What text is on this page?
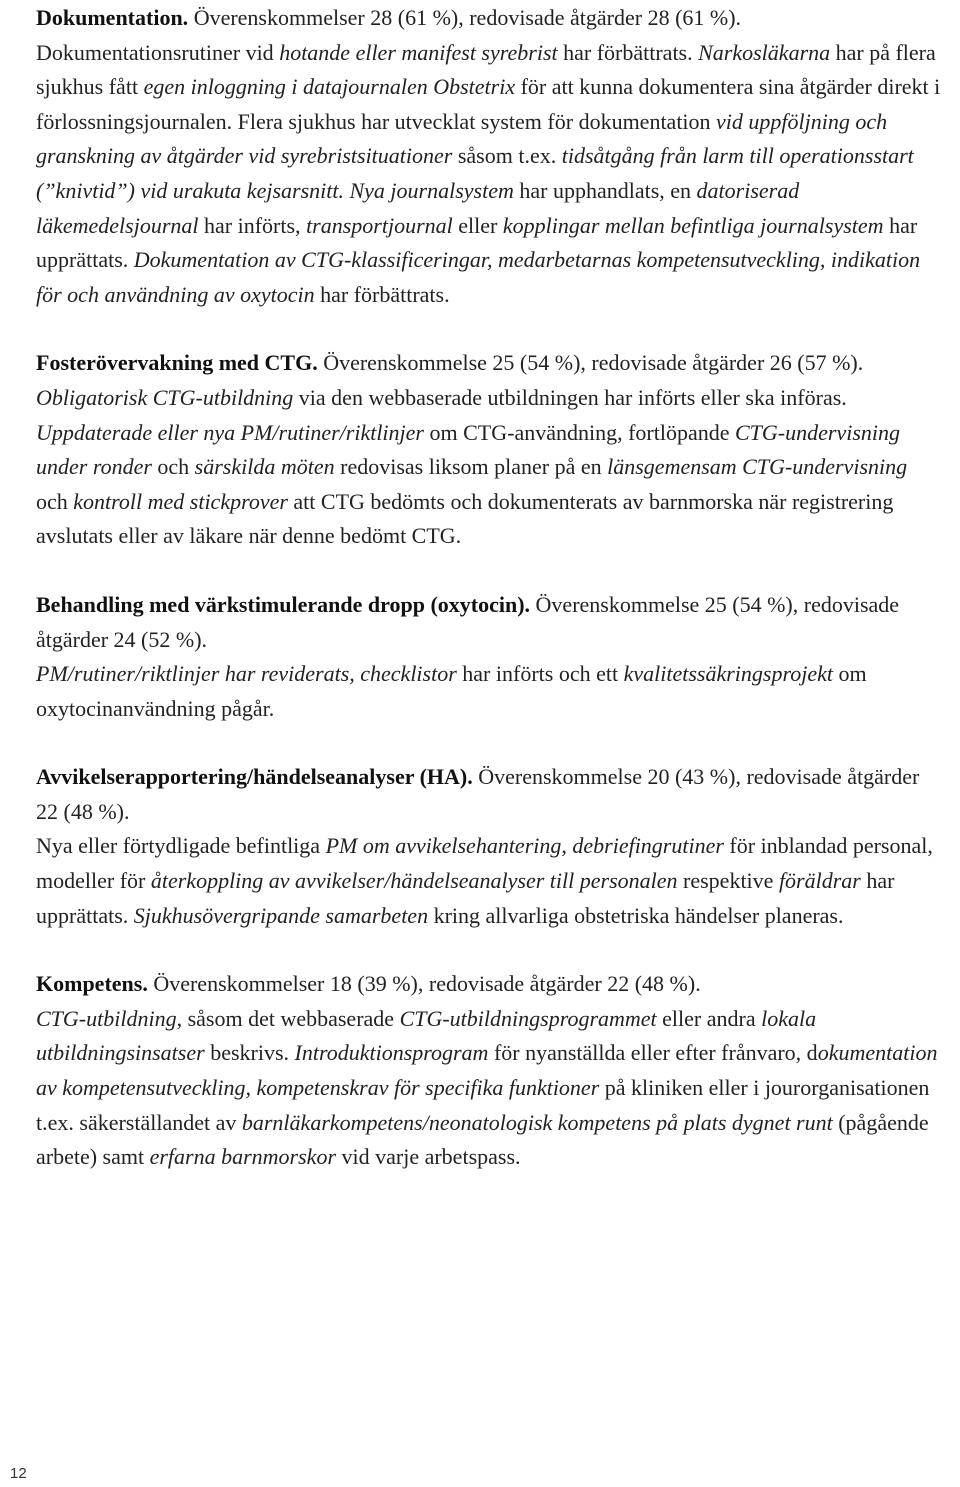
Dokumentation. Överenskommelser 28 (61 %), redovisade åtgärder 28 (61 %).
Dokumentationsrutiner vid hotande eller manifest syrebrist har förbättrats. Narkosläkarna har på flera sjukhus fått egen inloggning i datajournalen Obstetrix för att kunna dokumentera sina åtgärder direkt i förlossningsjournalen. Flera sjukhus har utvecklat system för dokumentation vid uppföljning och granskning av åtgärder vid syrebristsituationer såsom t.ex. tidsåtgång från larm till operationsstart (”knivtid”) vid urakuta kejsarsnitt. Nya journalsystem har upphandlats, en datoriserad läkemedelsjournal har införts, transportjournal eller kopplingar mellan befintliga journalsystem har upprättats. Dokumentation av CTG-klassificeringar, medarbetarnas kompetensutveckling, indikation för och användning av oxytocin har förbättrats.

Fosterövervakning med CTG. Överenskommelse 25 (54 %), redovisade åtgärder 26 (57 %).
Obligatorisk CTG-utbildning via den webbaserade utbildningen har införts eller ska införas. Uppdaterade eller nya PM/rutiner/riktlinjer om CTG-användning, fortlöpande CTG-undervisning under ronder och särskilda möten redovisas liksom planer på en länsgemensam CTG-undervisning och kontroll med stickprover att CTG bedömts och dokumenterats av barnmorska när registrering avslutats eller av läkare när denne bedömt CTG.

Behandling med värkstimulerande dropp (oxytocin). Överenskommelse 25 (54 %), redovisade åtgärder 24 (52 %).
PM/rutiner/riktlinjer har reviderats, checklistor har införts och ett kvalitetssäkringsprojekt om oxytocinanvändning pågår.

Avvikelserapportering/händelseanalyser (HA). Överenskommelse 20 (43 %), redovisade åtgärder 22 (48 %).
Nya eller förtydligade befintliga PM om avvikelsehantering, debriefingrutiner för inblandad personal, modeller för återkoppling av avvikelser/händelseanalyser till personalen respektive föräldrar har upprättats. Sjukhusövergripande samarbeten kring allvarliga obstetriska händelser planeras.

Kompetens. Överenskommelser 18 (39 %), redovisade åtgärder 22 (48 %).
CTG-utbildning, såsom det webbaserade CTG-utbildningsprogrammet eller andra lokala utbildningsinsatser beskrivs. Introduktionsprogram för nyanställda eller efter frånvaro, dokumentation av kompetensutveckling, kompetenskrav för specifika funktioner på kliniken eller i jourorganisationen t.ex. säkerställandet av barnläkarkompetens/neonatologisk kompetens på plats dygnet runt (pågående arbete) samt erfarna barnmorskor vid varje arbetspass.

12
